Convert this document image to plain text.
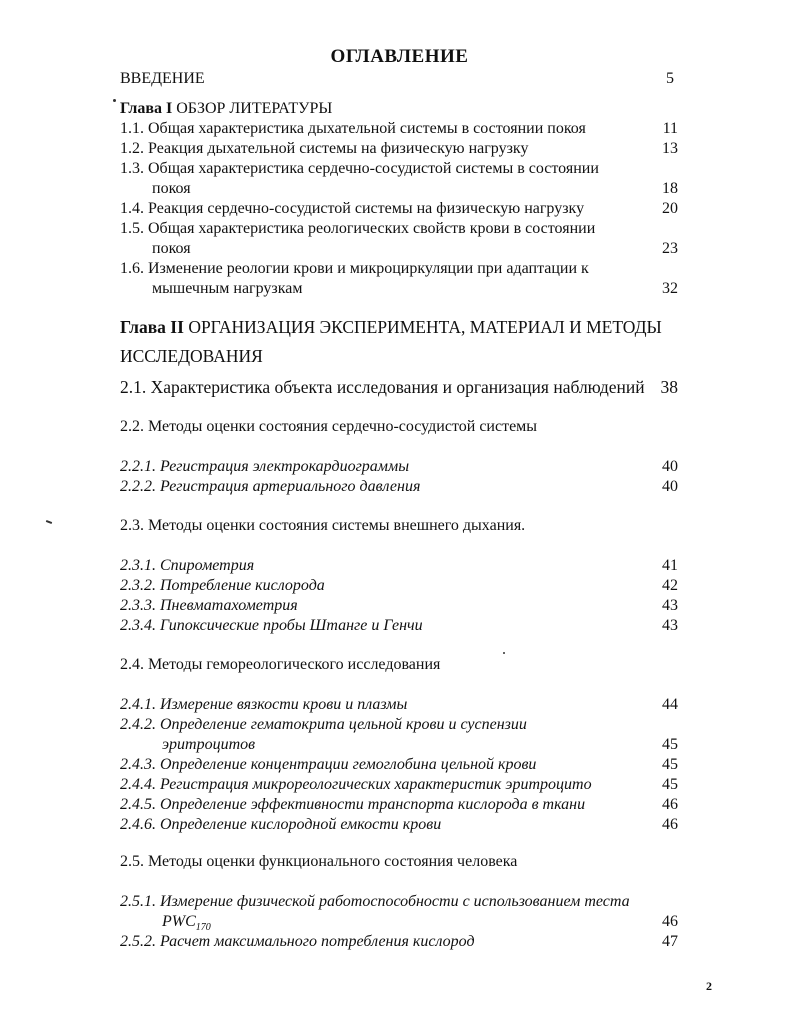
ОГЛАВЛЕНИЕ
ВВЕДЕНИЕ	5
Глава I ОБЗОР ЛИТЕРАТУРЫ
1.1. Общая характеристика дыхательной системы в состоянии покоя	11
1.2. Реакция дыхательной системы на физическую нагрузку	13
1.3. Общая характеристика сердечно-сосудистой системы в состоянии
покоя	18
1.4. Реакция сердечно-сосудистой системы на физическую нагрузку	20
1.5. Общая характеристика реологических свойств крови в состоянии
покоя	23
1.6. Изменение реологии крови и микроциркуляции при адаптации к
мышечным нагрузкам	32
Глава II ОРГАНИЗАЦИЯ ЭКСПЕРИМЕНТА, МАТЕРИАЛ И МЕТОДЫ
ИССЛЕДОВАНИЯ
2.1. Характеристика объекта исследования и организация наблюдений 38
2.2. Методы оценки состояния сердечно-сосудистой системы
2.2.1. Регистрация электрокардиограммы	40
2.2.2. Регистрация артериального давления	40
2.3. Методы оценки состояния системы внешнего дыхания.
2.3.1. Спирометрия	41
2.3.2. Потребление кислорода	42
2.3.3. Пневматахометрия	43
2.3.4. Гипоксические пробы Штанге и Генчи	43
2.4. Методы гемореологического исследования
2.4.1. Измерение вязкости крови и плазмы	44
2.4.2. Определение гематокрита цельной крови и суспензии
эритроцитов	45
2.4.3. Определение концентрации гемоглобина цельной крови	45
2.4.4. Регистрация микрореологических характеристик эритроцито	45
2.4.5. Определение эффективности транспорта кислорода в ткани	46
2.4.6. Определение кислородной емкости крови	46
2.5. Методы оценки функционального состояния человека
2.5.1. Измерение физической работоспособности с использованием теста
$PWC_{170}$	46
2.5.2. Расчет максимального потребления кислород	47
2
